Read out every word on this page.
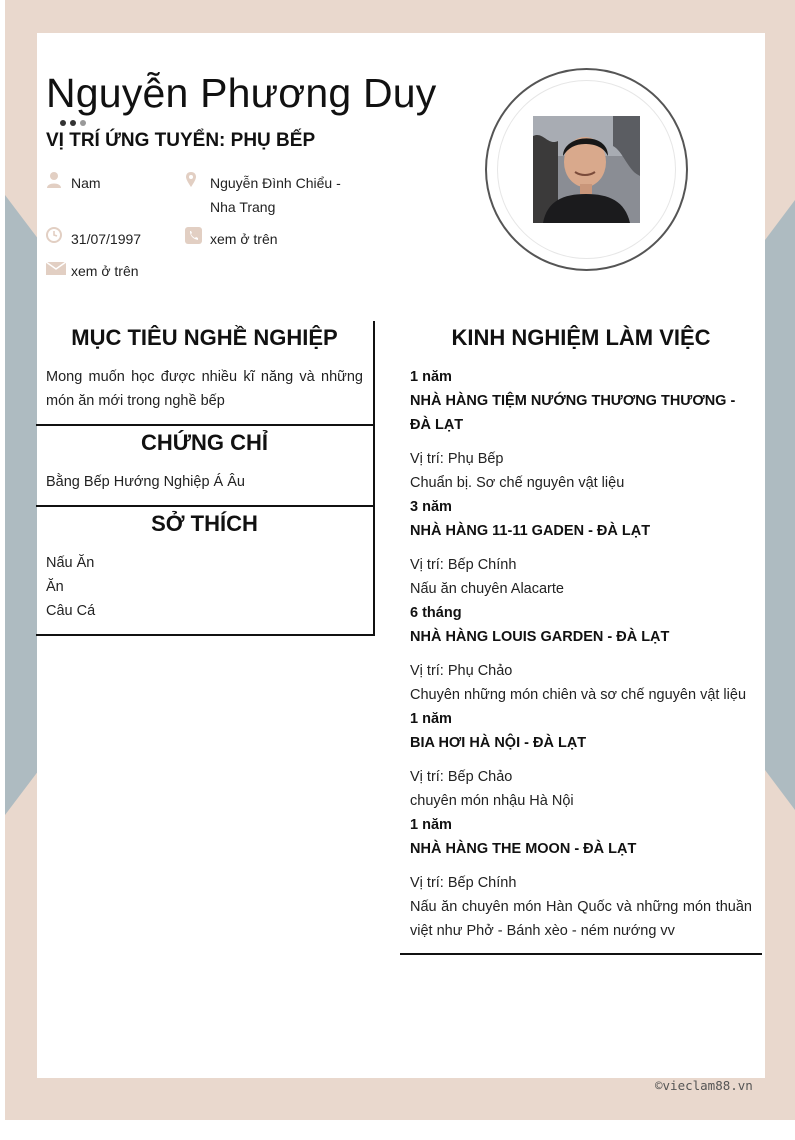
Nguyễn Phương Duy
VỊ TRÍ ỨNG TUYỂN: PHỤ BẾP
Nam	Nguyễn Đình Chiểu -
Nha Trang
31/07/1997	xem ở trên
xem ở trên
MỤC TIÊU NGHỀ NGHIỆP
Mong muốn học được nhiều kĩ năng và những món ăn mới trong nghề bếp
CHỨNG CHỈ
Bằng Bếp Hướng Nghiệp Á Âu
SỞ THÍCH
Nấu Ăn
Ăn
Câu Cá
KINH NGHIỆM LÀM VIỆC
1 năm
NHÀ HÀNG TIỆM NƯỚNG THƯƠNG THƯƠNG - ĐÀ LẠT
Vị trí: Phụ Bếp
Chuẩn bị. Sơ chế nguyên vật liệu
3 năm
NHÀ HÀNG 11-11 GADEN - ĐÀ LẠT
Vị trí: Bếp Chính
Nấu ăn chuyên Alacarte
6 tháng
NHÀ HÀNG LOUIS GARDEN - ĐÀ LẠT
Vị trí: Phụ Chảo
Chuyên những món chiên và sơ chế nguyên vật liệu
1 năm
BIA HƠI HÀ NỘI - ĐÀ LẠT
Vị trí: Bếp Chảo
chuyên món nhậu Hà Nội
1 năm
NHÀ HÀNG THE MOON - ĐÀ LẠT
Vị trí: Bếp Chính
Nấu ăn chuyên món Hàn Quốc và những món thuần việt như Phở - Bánh xèo - ném nướng vv
©vieclam88.vn
